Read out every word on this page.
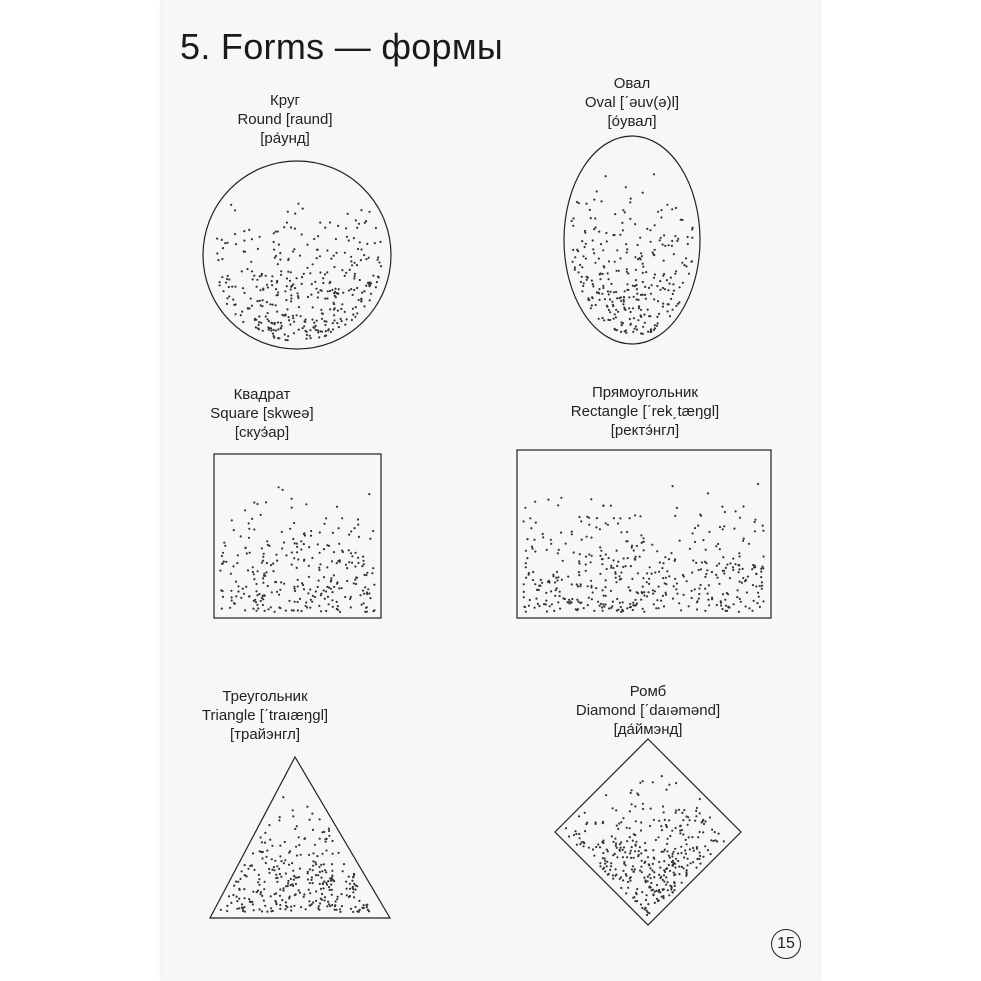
5. Forms — формы
Круг
Round [raund]
[ра́унд]
Овал
Oval [ˊəuv(ə)l]
[о́увал]
Квадрат
Square [skweə]
[скуэ́ар]
Прямоугольник
Rectangle [ˊrek͵tæŋgl]
[ректэ́нгл]
Треугольник
Triangle [ˊtraıæŋgl]
[трайэнгл]
Ромб
Diamond [ˊdaıəmənd]
[да́ймэнд]
15
